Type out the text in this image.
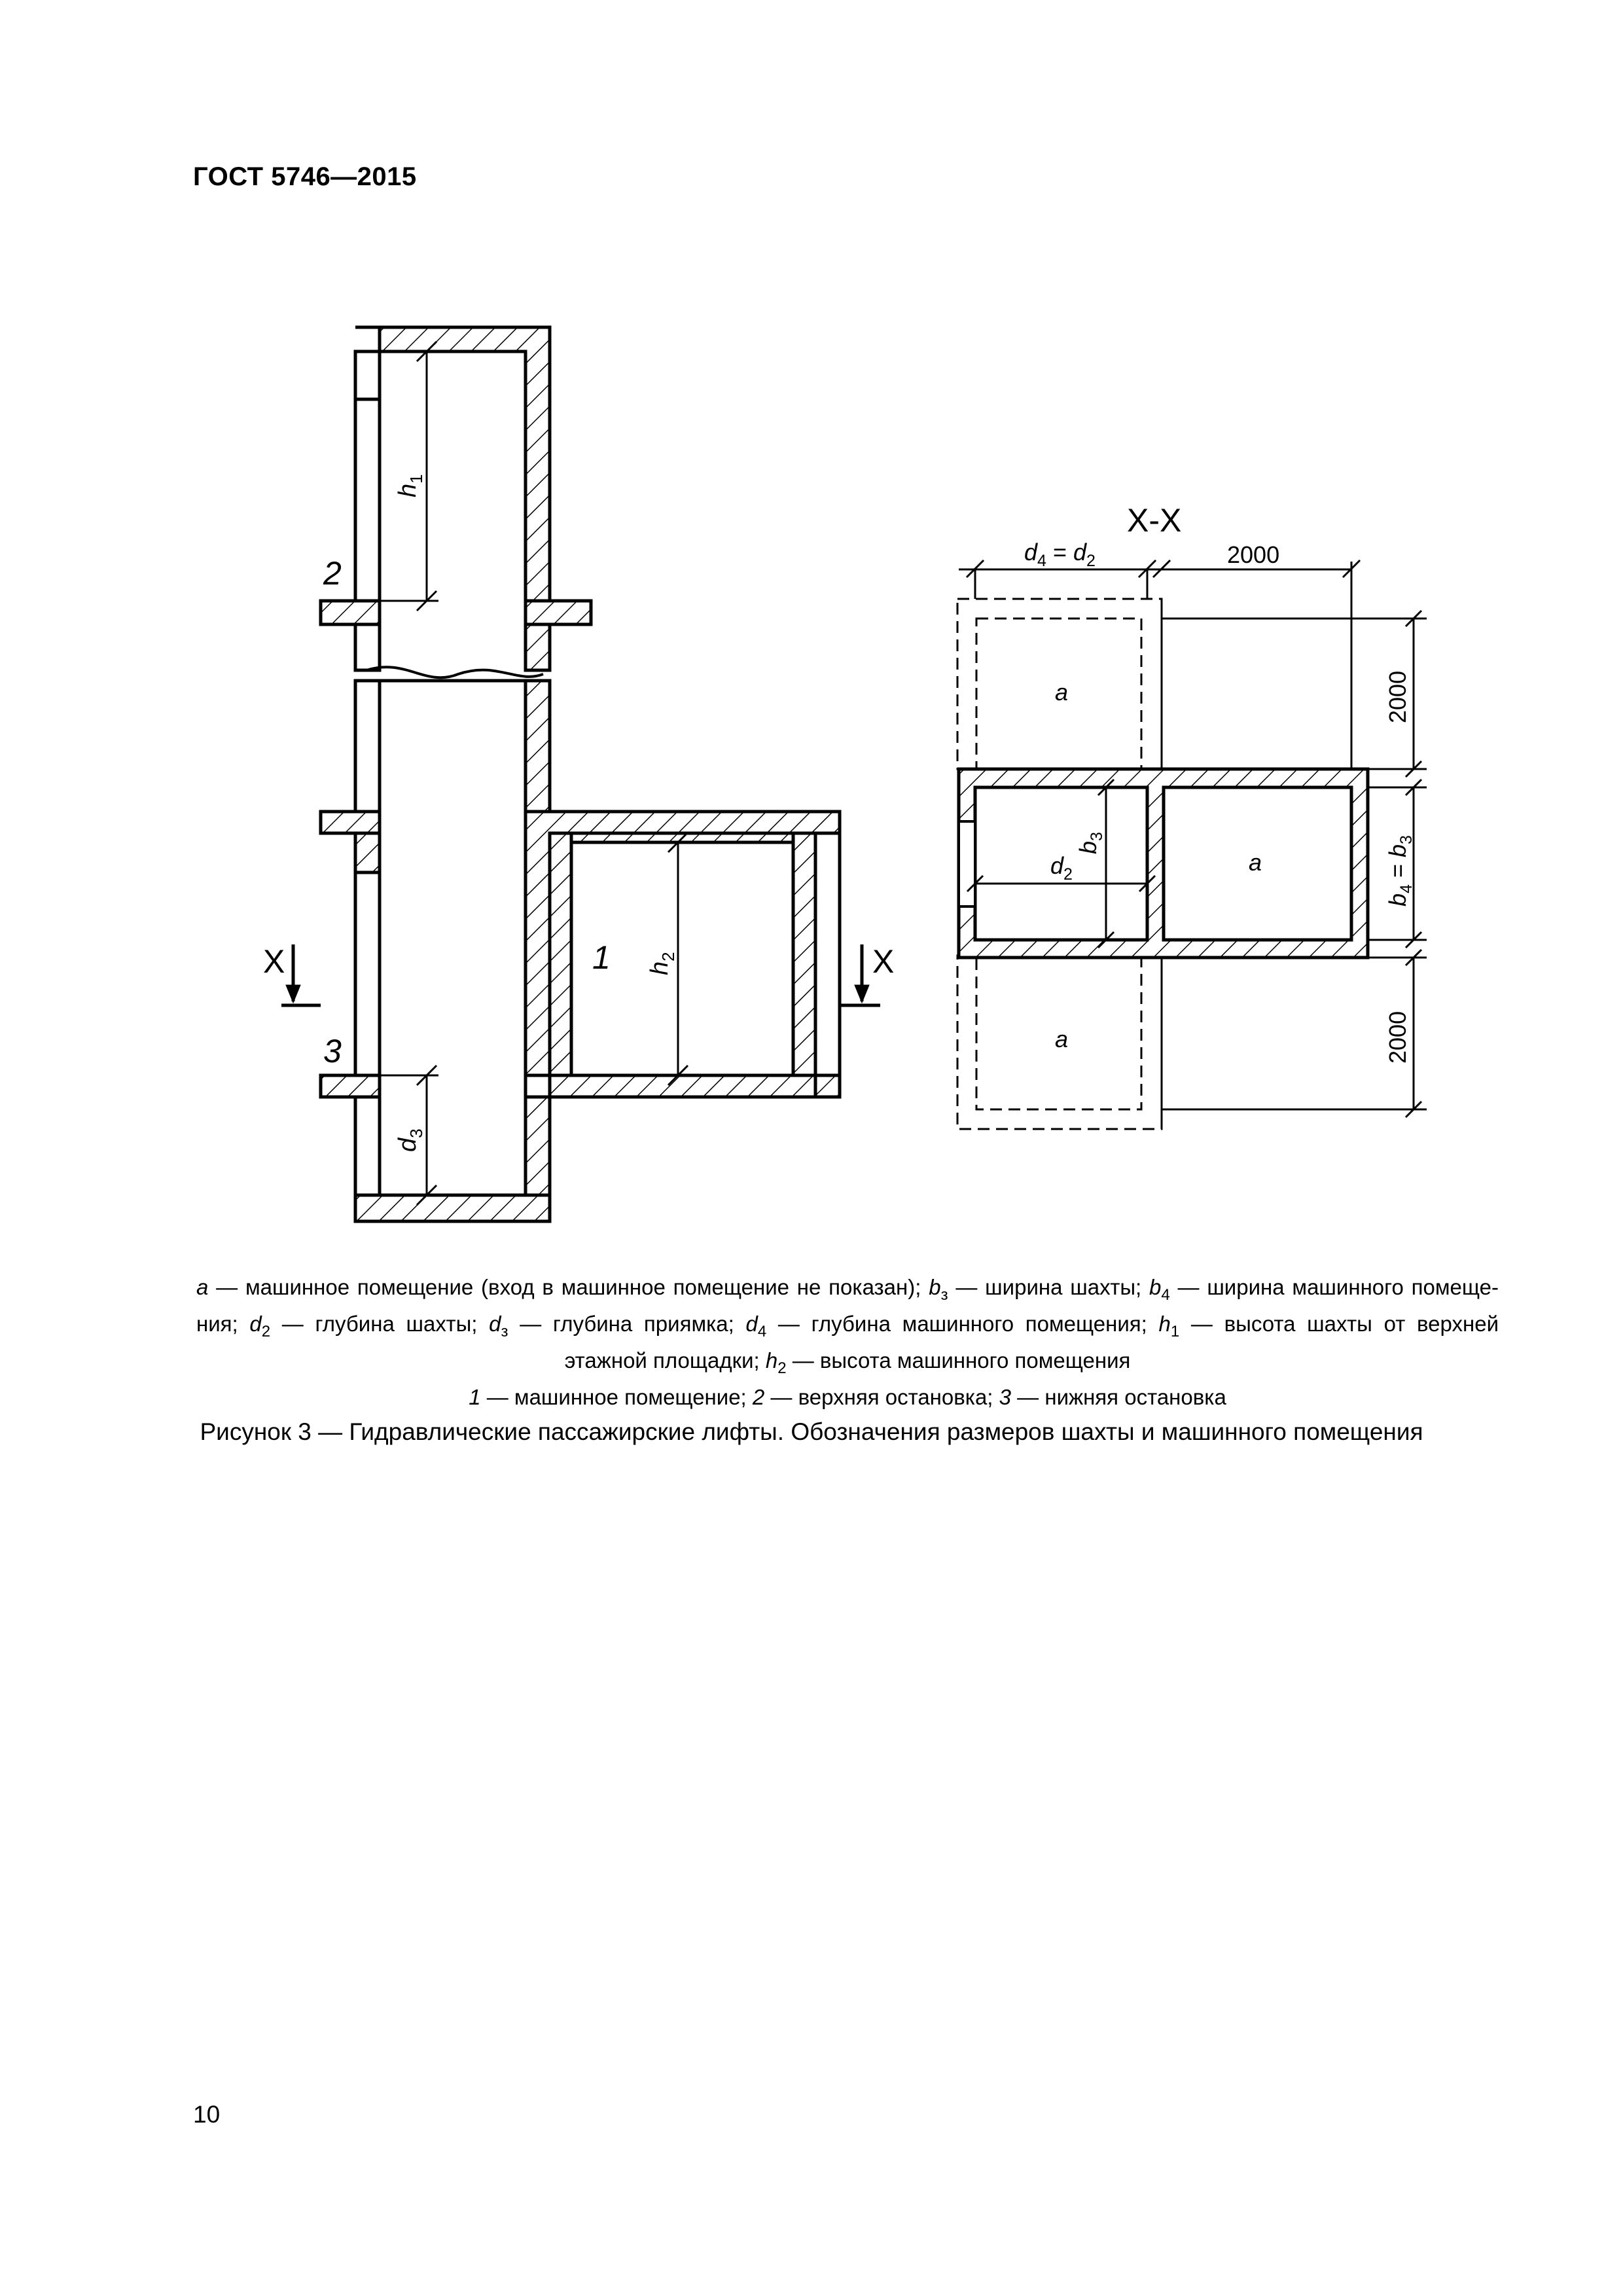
ГОСТ 5746—2015
X	X
2
3
1
$h_1$
$h_2$
$d_3$
X-X
$d_4 = d_2$	2000
2000
$b_4 = b_3$
2000
$b_3$
$d_2$
a
a
a
a — машинное помещение (вход в машинное помещение не показан); $b_з$ — ширина шахты; $b_4$ — ширина машинного помеще-
ния; $d_2$ — глубина шахты; $d_з$ — глубина приямка; $d_4$ — глубина машинного помещения; $h_1$ — высота шахты от верхней
этажной площадки; $h_2$ — высота машинного помещения
1 — машинное помещение; 2 — верхняя остановка; 3 — нижняя остановка
Рисунок 3 — Гидравлические пассажирские лифты. Обозначения размеров шахты и машинного помещения
10
